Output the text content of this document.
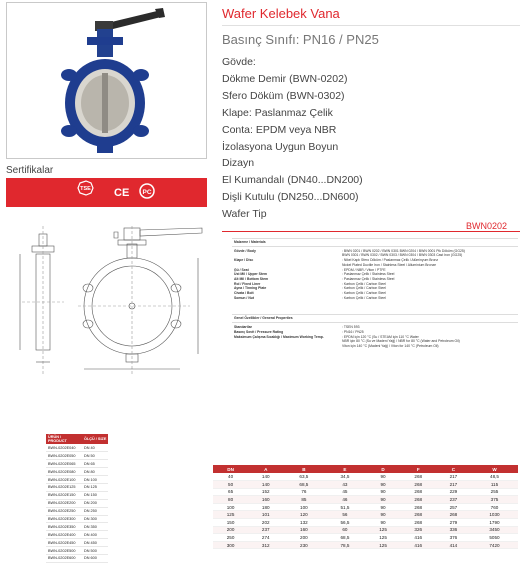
Sertifikalar
TSE CE PC
Wafer Kelebek Vana
Basınç Sınıfı: PN16 / PN25
Gövde:
Dökme Demir (BWN-0202)
Sfero Döküm (BWN-0302)
Klape: Paslanmaz Çelik
Conta: EPDM veya NBR
İzolasyona Uygun Boyun
Dizayn
El Kumandalı (DN40...DN200)
Dişli Kutulu (DN250...DN600)
Wafer Tip
BWN0202
Malzeme / Materials
Gövde / Body	: BWN 0201 / BWN 0202 / BWN 0301 BWN 0204 / BWN 0001 Pik Döküm (GG25)
BWN 0301 / BWN 0302 / BWN 0303 / BWN 0304 / BWN 0303 Cast Iron (GG25)
Klape / Disc	: Nikel Kaplı Sfero Döküm / Paslanmaz Çelik / Alüminyum Bronz
Nickel Plated Ductile Iron / Stainless Steel / Alluminium Bronze
Gü / Seat	: EPDM / NBR / Viton / PTFE
Üst Mil / Upper Stem	: Paslanmaz Çelik / Stainless Steel
Alt Mil / Bottom Stem	: Paslanmaz Çelik / Stainless Steel
Rol / Fixed Liner	: Karbon Çelik / Carbon Steel
Ayna / Tinning Plate	: Karbon Çelik / Carbon Steel
Civata / Bolt	: Karbon Çelik / Carbon Steel
Somun / Nut	: Karbon Çelik / Carbon Steel
Genel Özellikler / General Properties
Standartlar	: TSEN 593
Basınç Sınıfı / Pressure Rating	: PN16 / PN25
Maksimum Çalışma Sıcaklığı / Maximum Working Temp.	: EPDM için 120 °C (Su / STEAM için 110 °C Water
NBR için 80 °C (Su ve Madeni Yağ) / NBR for 80 °C (Water and Petroleum Oil)
Viton için 140 °C (Madeni Yağ) / Viton for 140 °C (Petroleum Oil)
ÜRÜN / PRODUCT	ÖLÇÜ / SIZE
BWN-0202E040	DN 40
BWN-0202E050	DN 50
BWN-0202E065	DN 65
BWN-0202E080	DN 80
BWN-0202E100	DN 100
BWN-0202E125	DN 125
BWN-0202E150	DN 150
BWN-0202E200	DN 200
BWN-0202E250	DN 250
BWN-0202E300	DN 300
BWN-0202E350	DN 350
BWN-0202E400	DN 400
BWN-0202E450	DN 450
BWN-0202E500	DN 500
BWN-0202E600	DN 600
DN	A	B	E	D	F	C	W
40	140	63,5	34,5	90	268	217	48,5
50	140	68,5	43	90	268	217	115
65	152	76	45	90	268	229	255
80	160	85	46	90	268	237	375
100	180	100	51,5	90	268	257	760
125	101	120	56	90	268	268	1030
150	202	132	56,5	90	268	279	1790
200	237	160	60	125	326	336	3450
250	274	200	68,5	125	416	376	5050
300	312	230	78,5	125	416	414	7420
